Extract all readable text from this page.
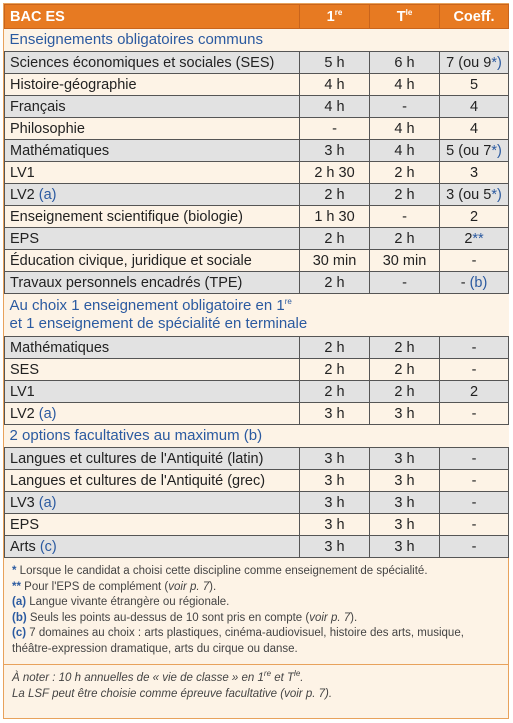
BAC ES	1re	$T^{le}$	Coeff.
Enseignements obligatoires communs			
Sciences économiques et sociales (SES)	5 h	6 h	7 (ou 9*)
Histoire-géographie	4 h	4 h	5
Français	4 h	-	4
Philosophie	-	4 h	4
Mathématiques	3 h	4 h	5 (ou 7*)
LV1	2 h 30	2 h	3
LV2 (a)	2 h	2 h	3 (ou 5*)
Enseignement scientifique (biologie)	1 h 30	-	2
EPS	2 h	2 h	2**
Éducation civique, juridique et sociale	30 min	30 min	-
Travaux personnels encadrés (TPE)	2 h	-	- (b)
Au choix 1 enseignement obligatoire en 1re
et 1 enseignement de spécialité en terminale			
Mathématiques	2 h	2 h	-
SES	2 h	2 h	-
LV1	2 h	2 h	2
LV2 (a)	3 h	3 h	-
2 options facultatives au maximum (b)			
Langues et cultures de l'Antiquité (latin)	3 h	3 h	-
Langues et cultures de l'Antiquité (grec)	3 h	3 h	-
LV3 (a)	3 h	3 h	-
EPS	3 h	3 h	-
Arts (c)	3 h	3 h	-

* Lorsque le candidat a choisi cette discipline comme enseignement de spécialité.

** Pour l'EPS de complément (voir p. 7).

(a) Langue vivante étrangère ou régionale.

(b) Seuls les points au-dessus de 10 sont pris en compte (voir p. 7).

(c) 7 domaines au choix : arts plastiques, cinéma-audiovisuel, histoire des arts, musique, théâtre-expression dramatique, arts du cirque ou danse.

À noter : 10 h annuelles de « vie de classe » en 1re et $T^{le}$.

La LSF peut être choisie comme épreuve facultative (voir p. 7).
